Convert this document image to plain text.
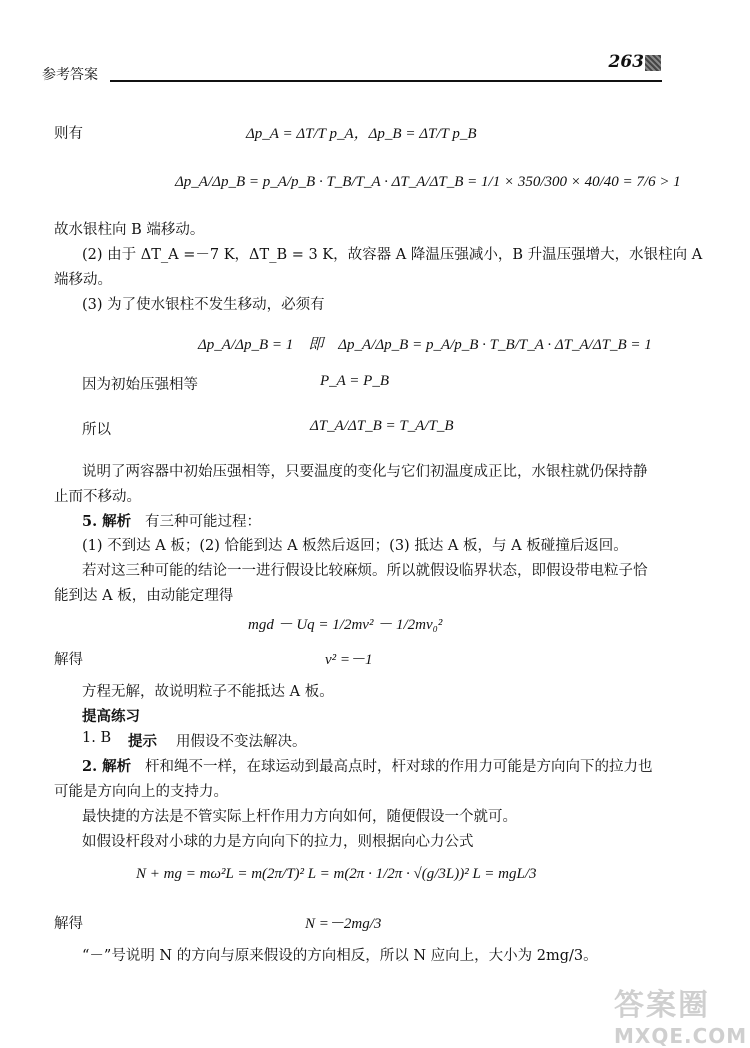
参考答案
263
则有	Δp_A = ΔT/T p_A，Δp_B = ΔT/T p_B
Δp_A/Δp_B = p_A/p_B · T_B/T_A · ΔT_A/ΔT_B = 1/1 × 350/300 × 40/40 = 7/6 > 1
故水银柱向 B 端移动。
(2) 由于 ΔT_A =－7 K，ΔT_B = 3 K，故容器 A 降温压强减小，B 升温压强增大，水银柱向 A
端移动。
(3) 为了使水银柱不发生移动，必须有
Δp_A/Δp_B = 1　即　Δp_A/Δp_B = p_A/p_B · T_B/T_A · ΔT_A/ΔT_B = 1
因为初始压强相等	P_A = P_B
所以	ΔT_A/ΔT_B = T_A/T_B
说明了两容器中初始压强相等，只要温度的变化与它们初温度成正比，水银柱就仍保持静
止而不移动。
5. 解析 有三种可能过程：
(1) 不到达 A 板；(2) 恰能到达 A 板然后返回；(3) 抵达 A 板，与 A 板碰撞后返回。
若对这三种可能的结论一一进行假设比较麻烦。所以就假设临界状态，即假设带电粒子恰
能到达 A 板，由动能定理得
mgd － Uq = 1/2mv² － 1/2mv₀²
解得	v² =－1
方程无解，故说明粒子不能抵达 A 板。
提高练习
1. B 提示 用假设不变法解决。
2. 解析 杆和绳不一样，在球运动到最高点时，杆对球的作用力可能是方向向下的拉力也
可能是方向向上的支持力。
最快捷的方法是不管实际上杆作用力方向如何，随便假设一个就可。
如假设杆段对小球的力是方向向下的拉力，则根据向心力公式
N + mg = mω²L = m(2π/T)² L = m(2π · 1/2π · √(g/3L))² L = mgL/3
解得	N =－2mg/3
“－”号说明 N 的方向与原来假设的方向相反，所以 N 应向上，大小为 2mg/3。
答案圈
MXQE.COM
